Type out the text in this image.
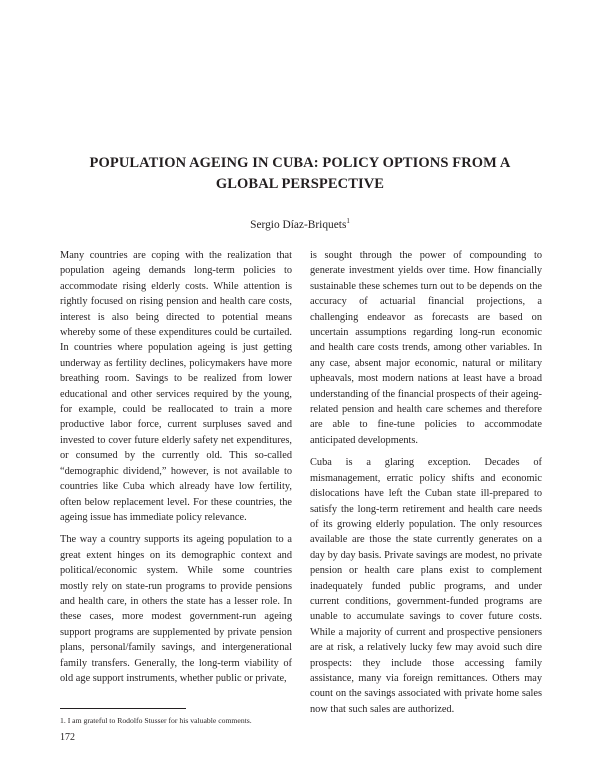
POPULATION AGEING IN CUBA: POLICY OPTIONS FROM A GLOBAL PERSPECTIVE
Sergio Díaz-Briquets$^1$

Many countries are coping with the realization that population ageing demands long-term policies to accommodate rising elderly costs. While attention is rightly focused on rising pension and health care costs, interest is also being directed to potential means whereby some of these expenditures could be curtailed. In countries where population ageing is just getting underway as fertility declines, policymakers have more breathing room. Savings to be realized from lower educational and other services required by the young, for example, could be reallocated to train a more productive labor force, current surpluses saved and invested to cover future elderly safety net expenditures, or consumed by the currently old. This so-called “demographic dividend,” however, is not available to countries like Cuba which already have low fertility, often below replacement level. For these countries, the ageing issue has immediate policy relevance.

The way a country supports its ageing population to a great extent hinges on its demographic context and political/economic system. While some countries mostly rely on state-run programs to provide pensions and health care, in others the state has a lesser role. In these cases, more modest government-run ageing support programs are supplemented by private pension plans, personal/family savings, and intergenerational family transfers. Generally, the long-term viability of old age support instruments, whether public or private,

is sought through the power of compounding to generate investment yields over time. How financially sustainable these schemes turn out to be depends on the accuracy of actuarial financial projections, a challenging endeavor as forecasts are based on uncertain assumptions regarding long-run economic and health care costs trends, among other variables. In any case, absent major economic, natural or military upheavals, most modern nations at least have a broad understanding of the financial prospects of their ageing-related pension and health care schemes and therefore are able to fine-tune policies to accommodate anticipated developments.

Cuba is a glaring exception. Decades of mismanagement, erratic policy shifts and economic dislocations have left the Cuban state ill-prepared to satisfy the long-term retirement and health care needs of its growing elderly population. The only resources available are those the state currently generates on a day by day basis. Private savings are modest, no private pension or health care plans exist to complement inadequately funded public programs, and under current conditions, government-funded programs are unable to accumulate savings to cover future costs. While a majority of current and prospective pensioners are at risk, a relatively lucky few may avoid such dire prospects: they include those accessing family assistance, many via foreign remittances. Others may count on the savings associated with private home sales now that such sales are authorized.

1. I am grateful to Rodolfo Stusser for his valuable comments.
172
